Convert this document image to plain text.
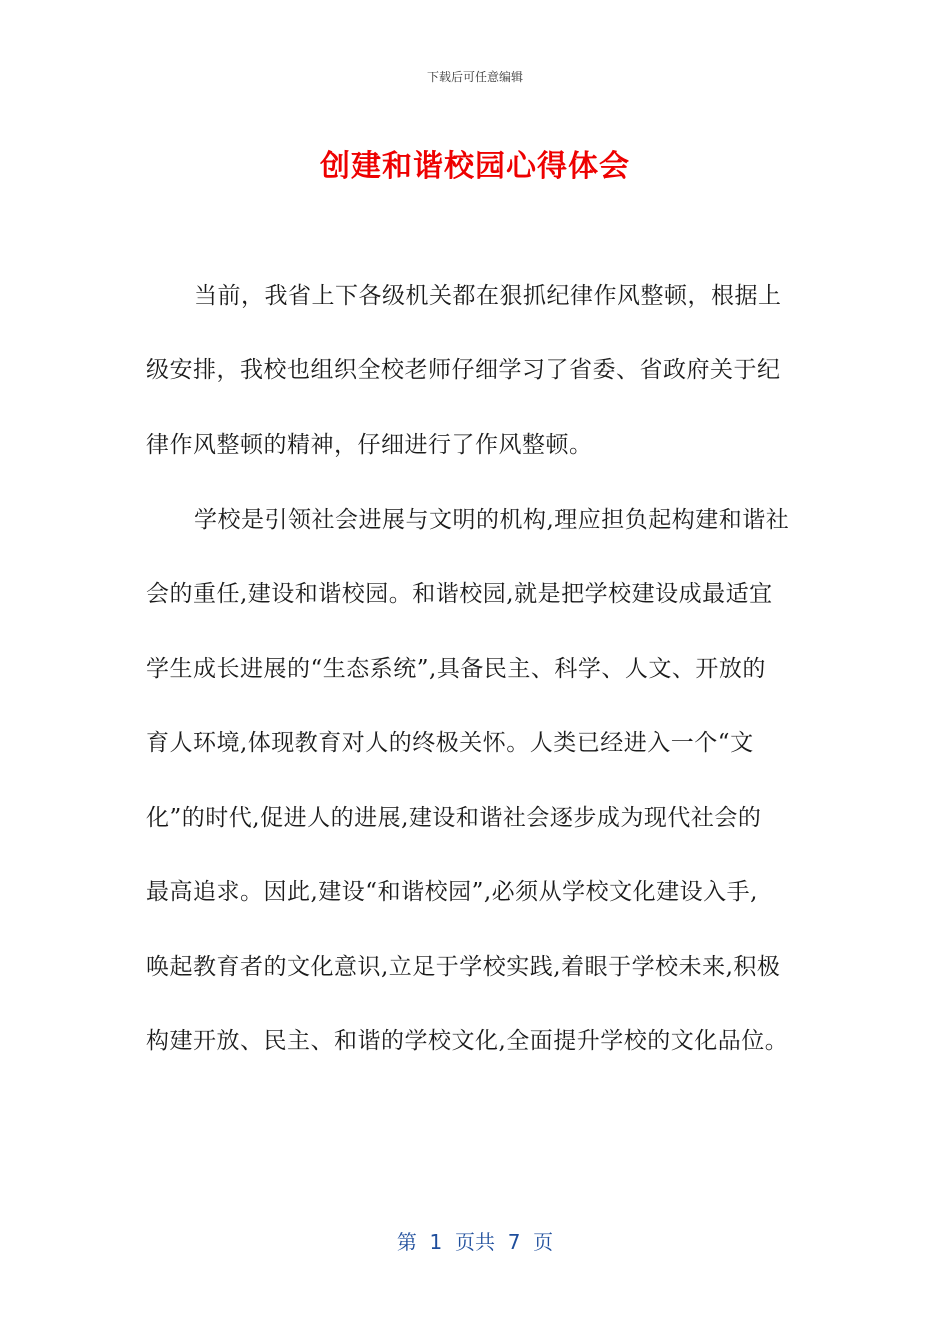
下载后可任意编辑
创建和谐校园心得体会
当前，我省上下各级机关都在狠抓纪律作风整顿，根据上
级安排，我校也组织全校老师仔细学习了省委、省政府关于纪
律作风整顿的精神，仔细进行了作风整顿。
学校是引领社会进展与文明的机构,理应担负起构建和谐社
会的重任,建设和谐校园。和谐校园,就是把学校建设成最适宜
学生成长进展的“生态系统”,具备民主、科学、人文、开放的
育人环境,体现教育对人的终极关怀。人类已经进入一个“文
化”的时代,促进人的进展,建设和谐社会逐步成为现代社会的
最高追求。因此,建设“和谐校园”,必须从学校文化建设入手,
唤起教育者的文化意识,立足于学校实践,着眼于学校未来,积极
构建开放、民主、和谐的学校文化,全面提升学校的文化品位。
第  1  页共  7  页
